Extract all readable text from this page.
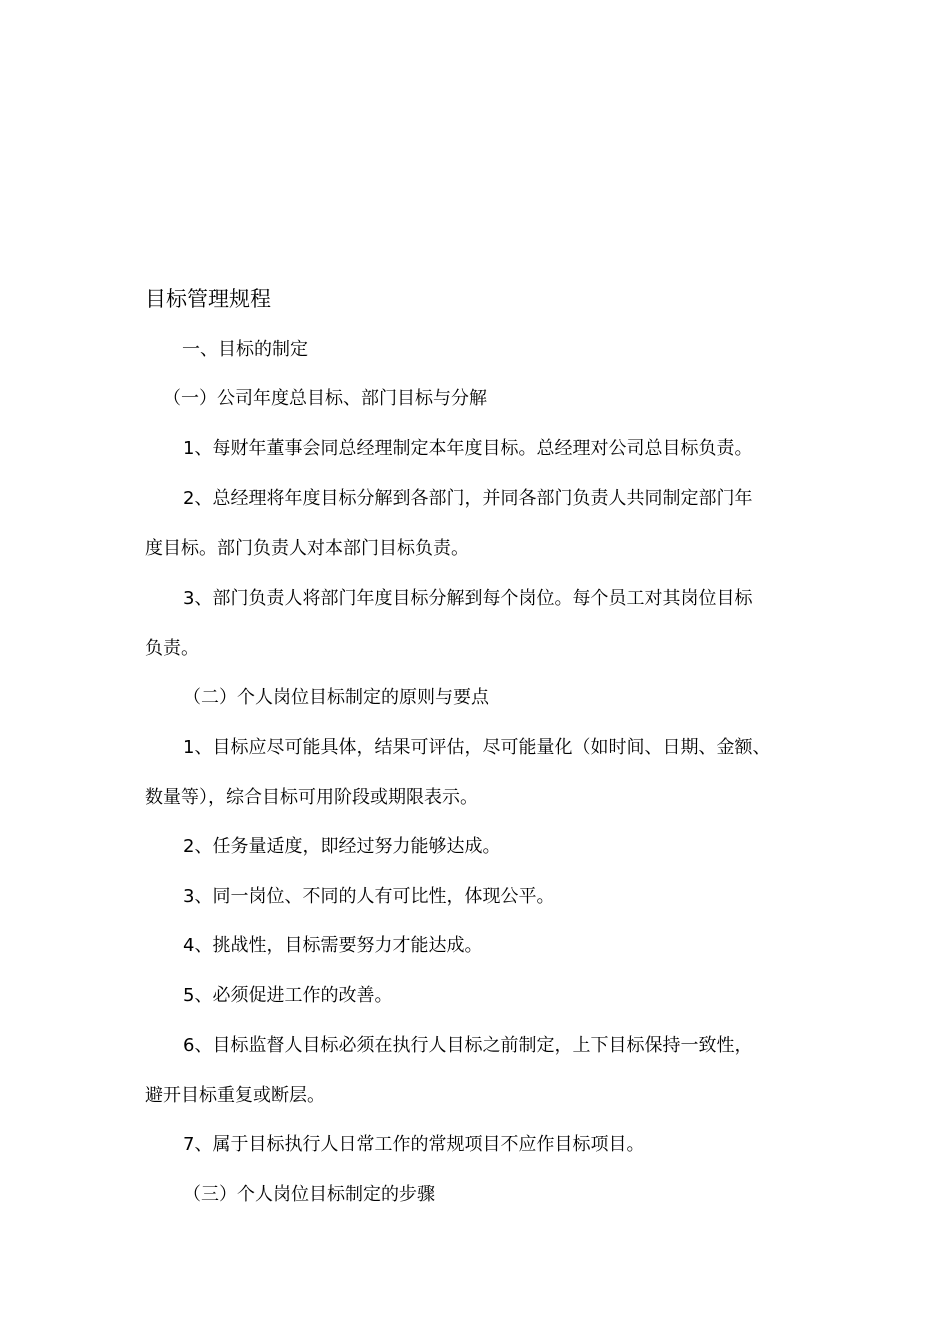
目标管理规程
一、目标的制定
（一）公司年度总目标、部门目标与分解
1、每财年董事会同总经理制定本年度目标。总经理对公司总目标负责。
2、总经理将年度目标分解到各部门，并同各部门负责人共同制定部门年
度目标。部门负责人对本部门目标负责。
3、部门负责人将部门年度目标分解到每个岗位。每个员工对其岗位目标
负责。
（二）个人岗位目标制定的原则与要点
1、目标应尽可能具体，结果可评估，尽可能量化（如时间、日期、金额、
数量等），综合目标可用阶段或期限表示。
2、任务量适度，即经过努力能够达成。
3、同一岗位、不同的人有可比性，体现公平。
4、挑战性，目标需要努力才能达成。
5、必须促进工作的改善。
6、目标监督人目标必须在执行人目标之前制定，上下目标保持一致性，
避开目标重复或断层。
7、属于目标执行人日常工作的常规项目不应作目标项目。
（三）个人岗位目标制定的步骤
